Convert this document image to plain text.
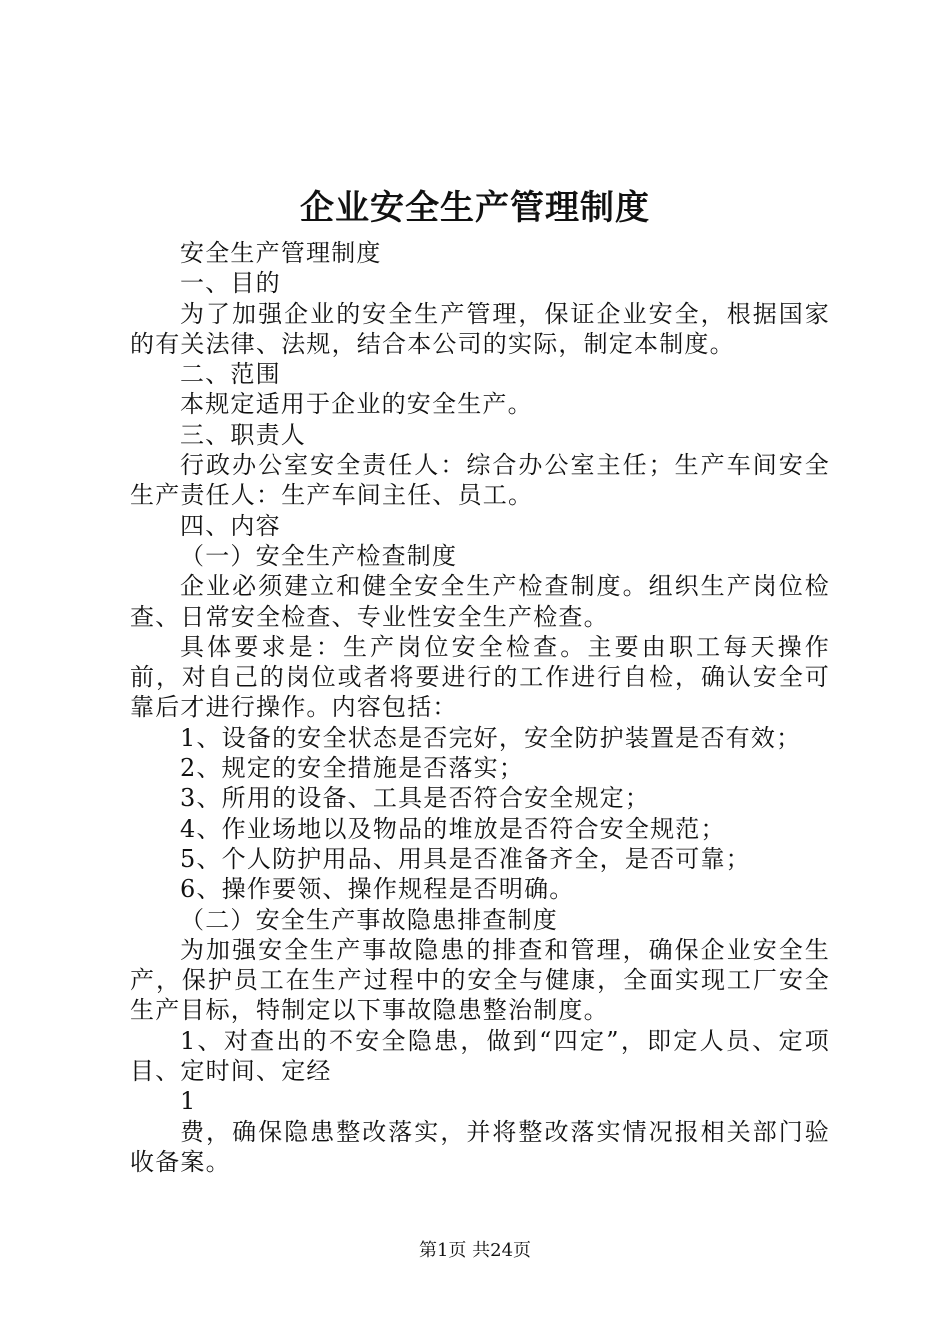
企业安全生产管理制度

安全生产管理制度

一、目的

为了加强企业的安全生产管理，保证企业安全，根据国家的有关法律、法规，结合本公司的实际，制定本制度。

二、范围

本规定适用于企业的安全生产。

三、职责人

行政办公室安全责任人：综合办公室主任；生产车间安全生产责任人：生产车间主任、员工。

四、内容

（一）安全生产检查制度

企业必须建立和健全安全生产检查制度。组织生产岗位检查、日常安全检查、专业性安全生产检查。

具体要求是：生产岗位安全检查。主要由职工每天操作前，对自己的岗位或者将要进行的工作进行自检，确认安全可靠后才进行操作。内容包括：

1、设备的安全状态是否完好，安全防护装置是否有效；

2、规定的安全措施是否落实；

3、所用的设备、工具是否符合安全规定；

4、作业场地以及物品的堆放是否符合安全规范；

5、个人防护用品、用具是否准备齐全，是否可靠；

6、操作要领、操作规程是否明确。

（二）安全生产事故隐患排查制度

为加强安全生产事故隐患的排查和管理，确保企业安全生产，保护员工在生产过程中的安全与健康，全面实现工厂安全生产目标，特制定以下事故隐患整治制度。

1、对查出的不安全隐患，做到“四定”，即定人员、定项目、定时间、定经

1

费，确保隐患整改落实，并将整改落实情况报相关部门验收备案。

第1页 共24页
